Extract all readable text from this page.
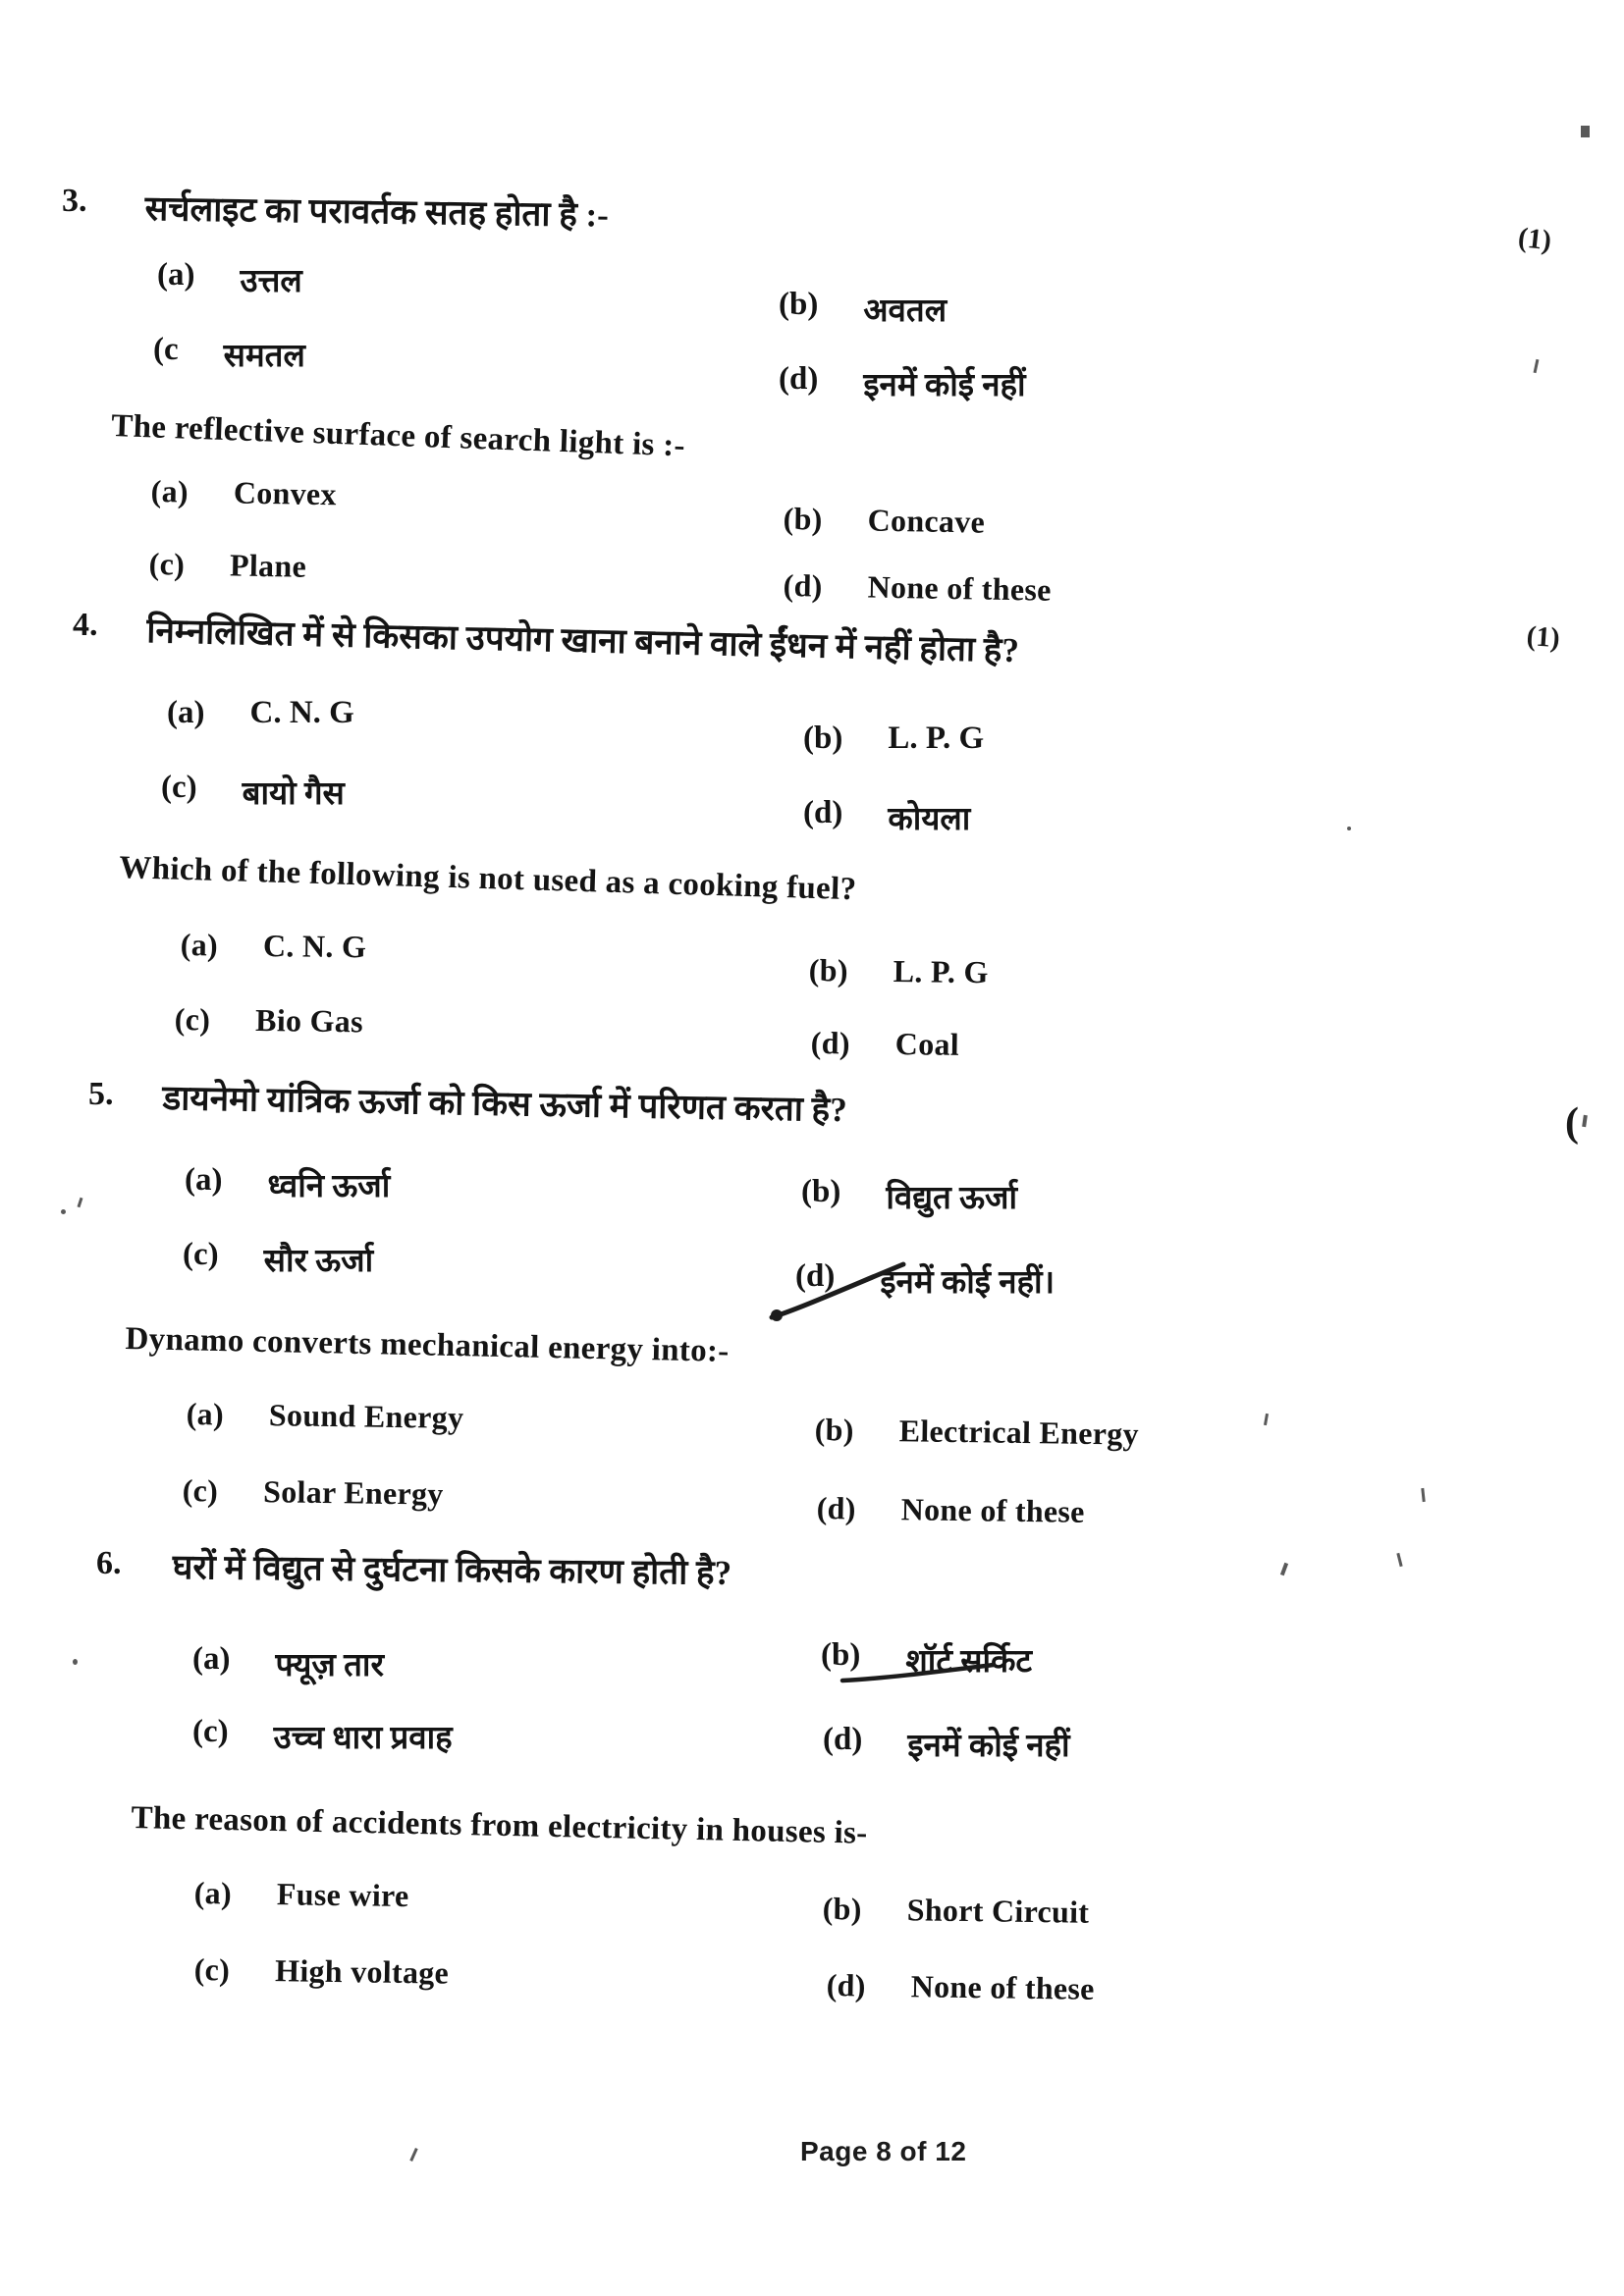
3. सर्चलाइट का परावर्तक सतह होता है :-
(1)
(a) उत्तल
(b) अवतल
(c समतल
(d) इनमें कोई नहीं
The reflective surface of search light is :-
(a) Convex
(b) Concave
(c) Plane
(d) None of these
4. निम्नलिखित में से किसका उपयोग खाना बनाने वाले ईंधन में नहीं होता है?	(1)
(a) C. N. G
(b) L. P. G
(c) बायो गैस
(d) कोयला
Which of the following is not used as a cooking fuel?
(a) C. N. G
(b) L. P. G
(c) Bio Gas
(d) Coal
5. डायनेमो यांत्रिक ऊर्जा को किस ऊर्जा में परिणत करता है?	(
(a) ध्वनि ऊर्जा	(b) विद्युत ऊर्जा
(c) सौर ऊर्जा	(d) इनमें कोई नहीं।
Dynamo converts mechanical energy into:-
(a) Sound Energy	(b) Electrical Energy
(c) Solar Energy	(d) None of these
6. घरों में विद्युत से दुर्घटना किसके कारण होती है?
(a) फ्यूज़ तार	(b) शॉर्ट सर्किट
(c) उच्च धारा प्रवाह	(d) इनमें कोई नहीं
The reason of accidents from electricity in houses is-
(a) Fuse wire	(b) Short Circuit
(c) High voltage	(d) None of these
Page 8 of 12
